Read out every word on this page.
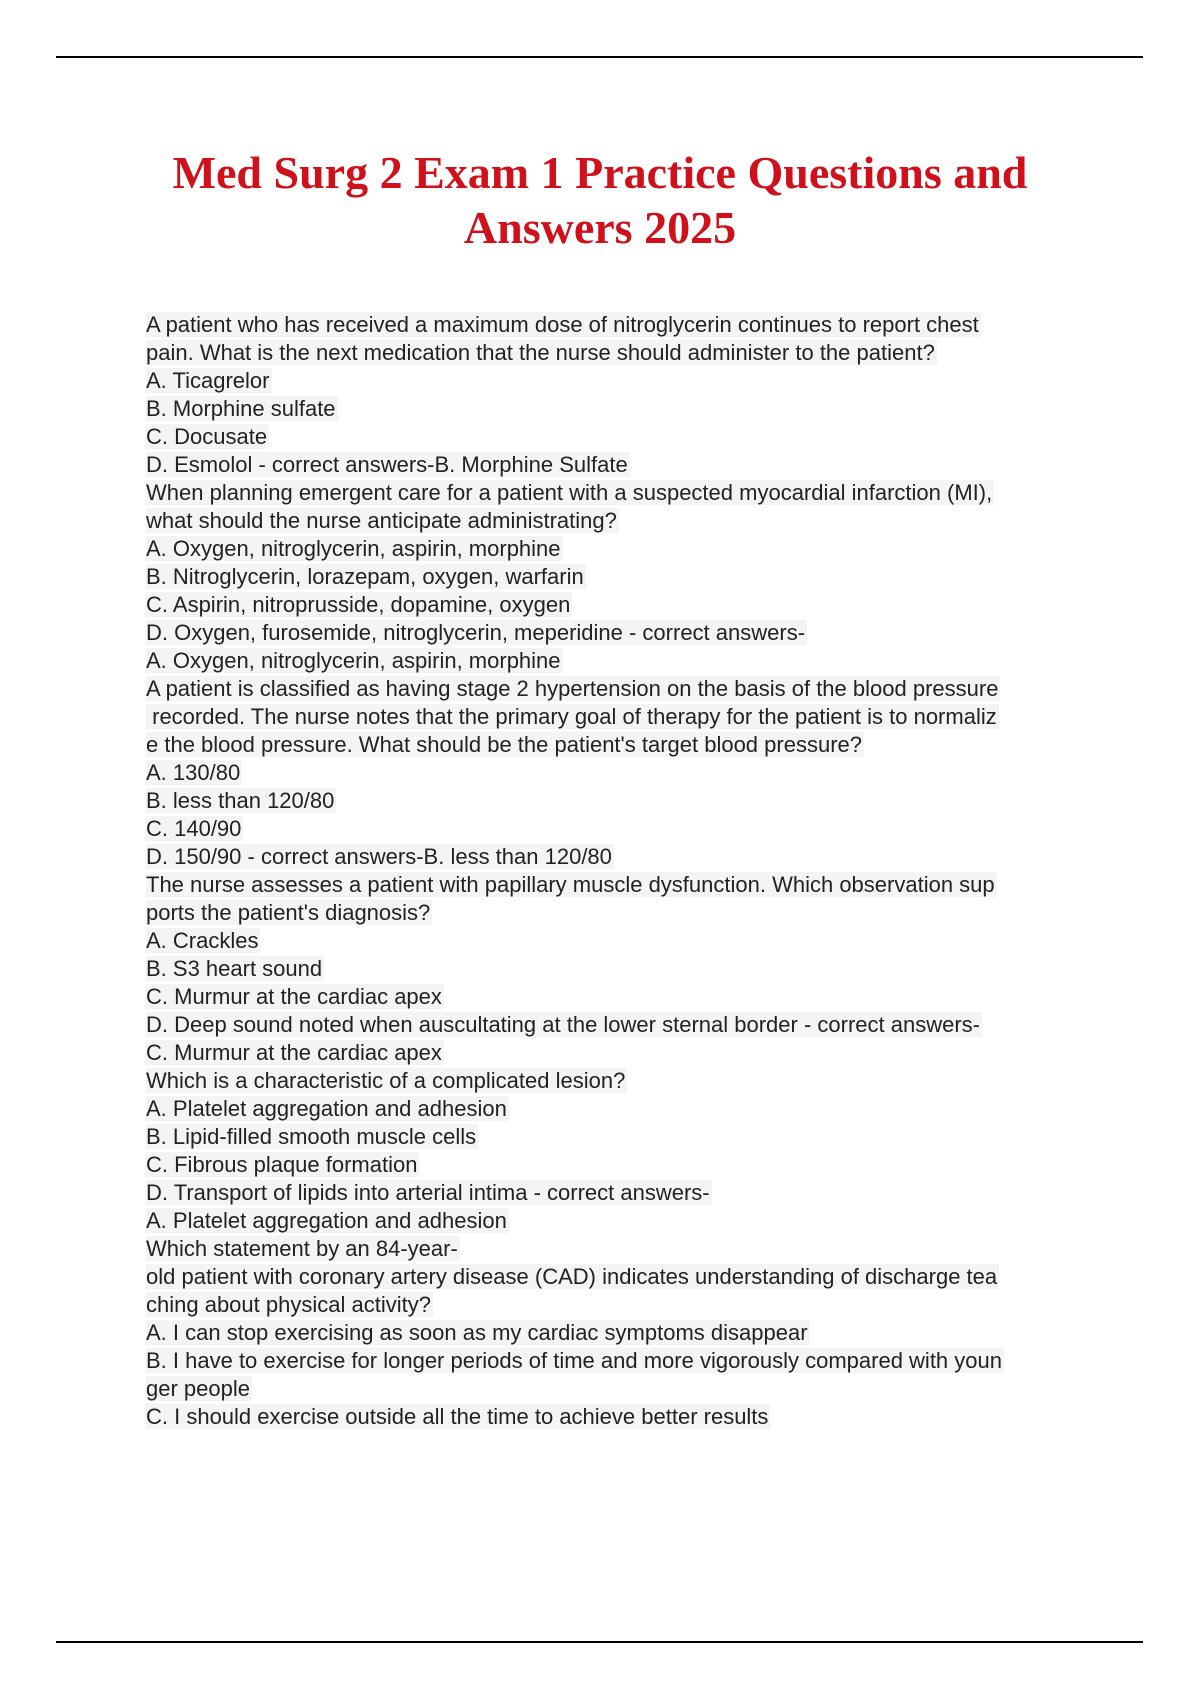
Med Surg 2 Exam 1 Practice Questions and
Answers 2025
A patient who has received a maximum dose of nitroglycerin continues to report chest
pain. What is the next medication that the nurse should administer to the patient?
A. Ticagrelor
B. Morphine sulfate
C. Docusate
D. Esmolol - correct answers-B. Morphine Sulfate
When planning emergent care for a patient with a suspected myocardial infarction (MI),
what should the nurse anticipate administrating?
A. Oxygen, nitroglycerin, aspirin, morphine
B. Nitroglycerin, lorazepam, oxygen, warfarin
C. Aspirin, nitroprusside, dopamine, oxygen
D. Oxygen, furosemide, nitroglycerin, meperidine - correct answers-
A. Oxygen, nitroglycerin, aspirin, morphine
A patient is classified as having stage 2 hypertension on the basis of the blood pressure
recorded. The nurse notes that the primary goal of therapy for the patient is to normaliz
e the blood pressure. What should be the patient's target blood pressure?
A. 130/80
B. less than 120/80
C. 140/90
D. 150/90 - correct answers-B. less than 120/80
The nurse assesses a patient with papillary muscle dysfunction. Which observation sup
ports the patient's diagnosis?
A. Crackles
B. S3 heart sound
C. Murmur at the cardiac apex
D. Deep sound noted when auscultating at the lower sternal border - correct answers-
C. Murmur at the cardiac apex
Which is a characteristic of a complicated lesion?
A. Platelet aggregation and adhesion
B. Lipid-filled smooth muscle cells
C. Fibrous plaque formation
D. Transport of lipids into arterial intima - correct answers-
A. Platelet aggregation and adhesion
Which statement by an 84-year-
old patient with coronary artery disease (CAD) indicates understanding of discharge tea
ching about physical activity?
A. I can stop exercising as soon as my cardiac symptoms disappear
B. I have to exercise for longer periods of time and more vigorously compared with youn
ger people
C. I should exercise outside all the time to achieve better results
